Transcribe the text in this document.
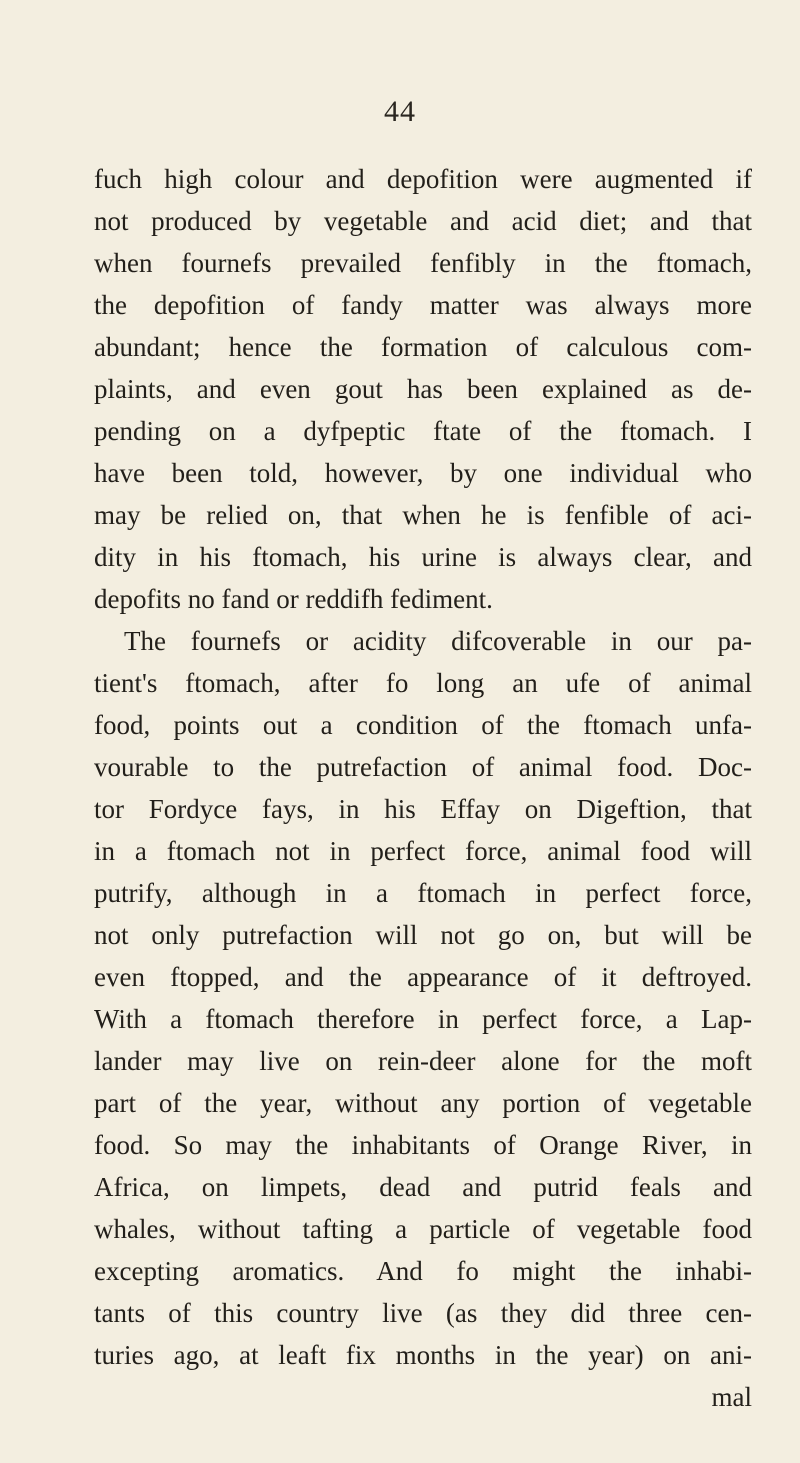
44
fuch high colour and depofition were augmented if
not produced by vegetable and acid diet; and that
when fournefs prevailed fenfibly in the ftomach,
the depofition of fandy matter was always more
abundant; hence the formation of calculous com-
plaints, and even gout has been explained as de-
pending on a dyfpeptic ftate of the ftomach. I
have been told, however, by one individual who
may be relied on, that when he is fenfible of aci-
dity in his ftomach, his urine is always clear, and
depofits no fand or reddifh fediment.
The fournefs or acidity difcoverable in our pa-
tient's ftomach, after fo long an ufe of animal
food, points out a condition of the ftomach unfa-
vourable to the putrefaction of animal food. Doc-
tor Fordyce fays, in his Effay on Digeftion, that
in a ftomach not in perfect force, animal food will
putrify, although in a ftomach in perfect force,
not only putrefaction will not go on, but will be
even ftopped, and the appearance of it deftroyed.
With a ftomach therefore in perfect force, a Lap-
lander may live on rein-deer alone for the moft
part of the year, without any portion of vegetable
food. So may the inhabitants of Orange River, in
Africa, on limpets, dead and putrid feals and
whales, without tafting a particle of vegetable food
excepting aromatics. And fo might the inhabi-
tants of this country live (as they did three cen-
turies ago, at leaft fix months in the year) on ani-
mal
